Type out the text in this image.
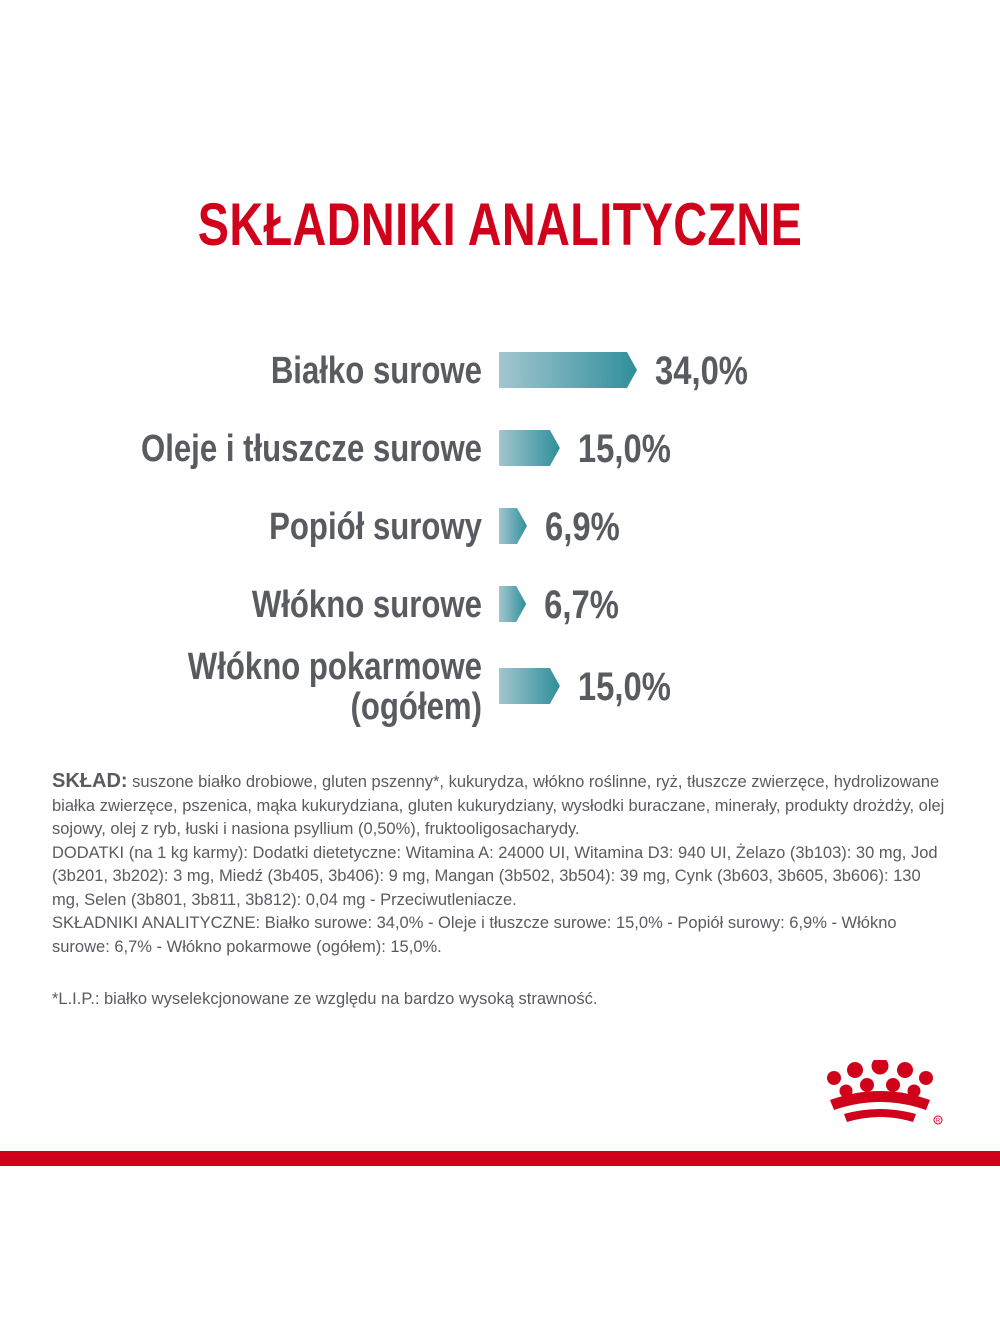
SKŁADNIKI ANALITYCZNE
Białko surowe	34,0%
Oleje i tłuszcze surowe 15,0%
Popiół surowy 6,9%
Włókno surowe 6,7%
Włókno pokarmowe
(ogółem) 15,0%

SKŁAD: suszone białko drobiowe, gluten pszenny*, kukurydza, włókno roślinne, ryż, tłuszcze zwierzęce, hydrolizowane białka zwierzęce, pszenica, mąka kukurydziana, gluten kukurydziany, wysłodki buraczane, minerały, produkty drożdży, olej sojowy, olej z ryb, łuski i nasiona psyllium (0,50%), fruktooligosacharydy.

DODATKI (na 1 kg karmy): Dodatki dietetyczne: Witamina A: 24000 UI, Witamina D3: 940 UI, Żelazo (3b103): 30 mg, Jod (3b201, 3b202): 3 mg, Miedź (3b405, 3b406): 9 mg, Mangan (3b502, 3b504): 39 mg, Cynk (3b603, 3b605, 3b606): 130 mg, Selen (3b801, 3b811, 3b812): 0,04 mg - Przeciwutleniacze.

SKŁADNIKI ANALITYCZNE: Białko surowe: 34,0% - Oleje i tłuszcze surowe: 15,0% - Popiół surowy: 6,9% - Włókno surowe: 6,7% - Włókno pokarmowe (ogółem): 15,0%.

*L.I.P.: białko wyselekcjonowane ze względu na bardzo wysoką strawność.
R
